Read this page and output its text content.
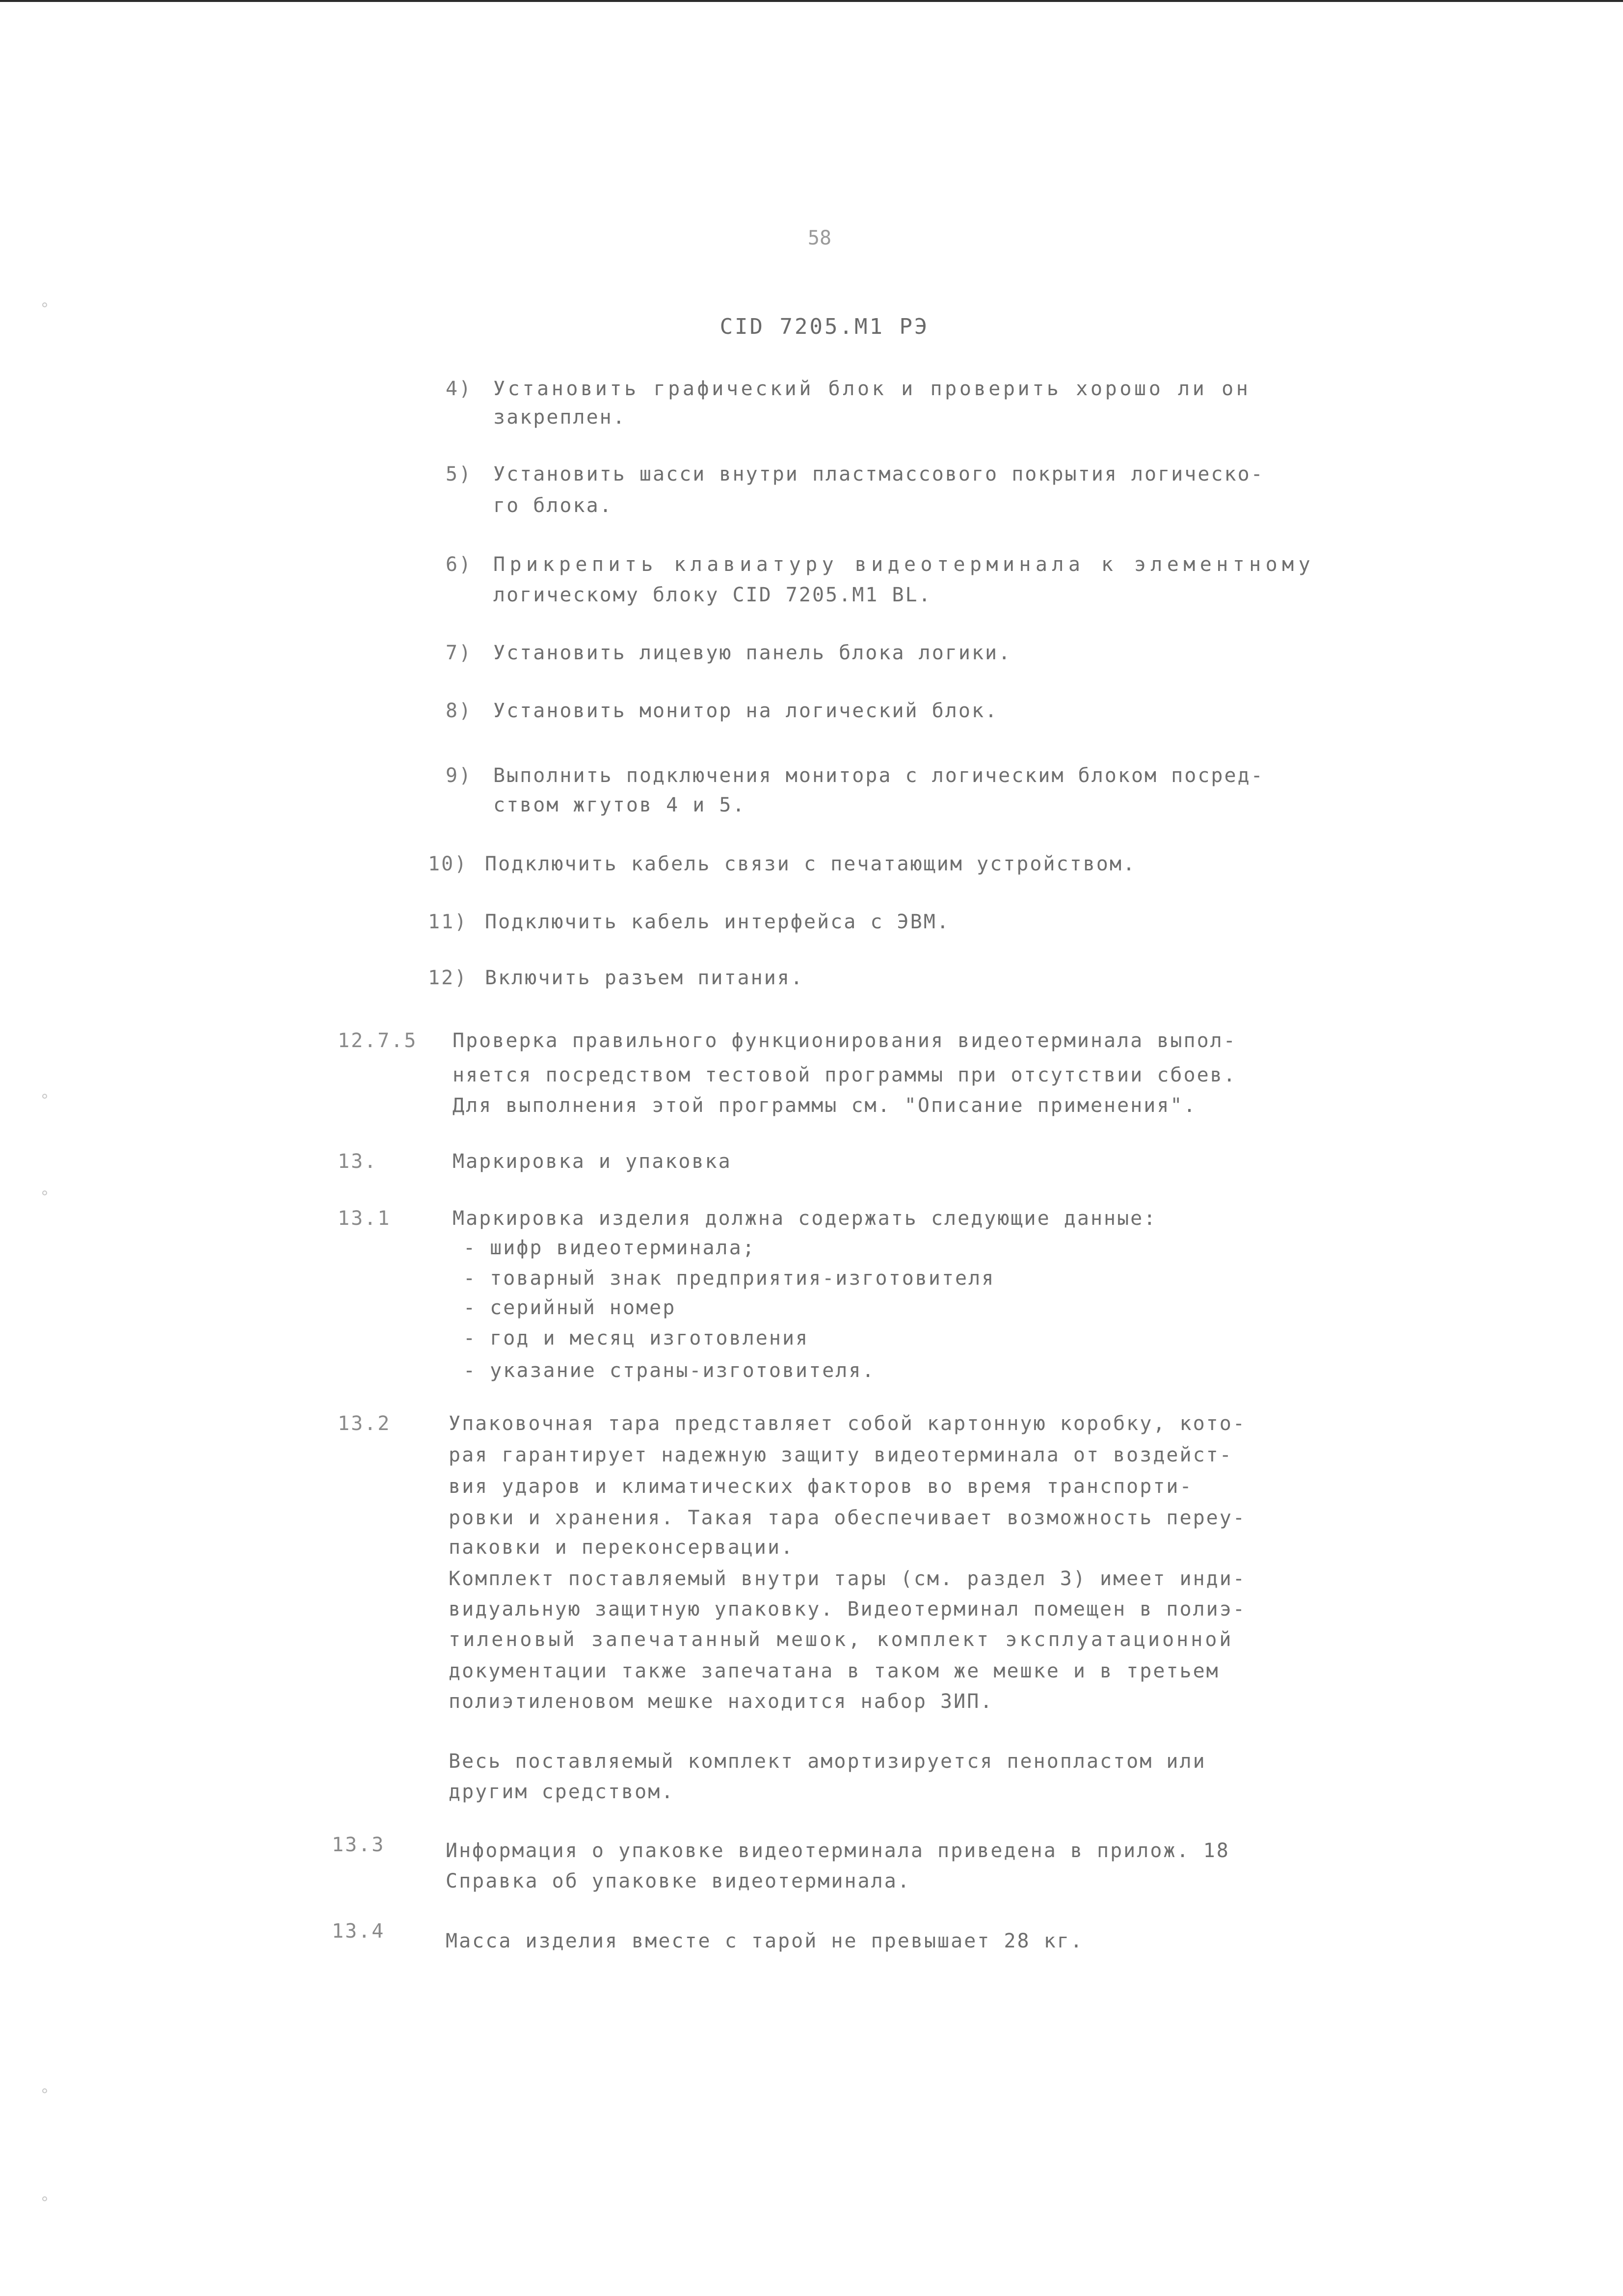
58
CID 7205.M1 РЭ
4) Установить графический блок и проверить хорошо ли он
закреплен.
5) Установить шасси внутри пластмассового покрытия логическо-
го блока.
6) Прикрепить клавиатуру видеотерминала к элементному
логическому блоку CID 7205.M1 BL.
7) Установить лицевую панель блока логики.
8) Установить монитор на логический блок.
9) Выполнить подключения монитора с логическим блоком посред-
ством жгутов 4 и 5.
10) Подключить кабель связи с печатающим устройством.
11) Подключить кабель интерфейса с ЭВМ.
12) Включить разъем питания.
12.7.5 Проверка правильного функционирования видеотерминала выпол-
няется посредством тестовой программы при отсутствии сбоев.
Для выполнения этой программы см. "Описание применения".
13.	Маркировка и упаковка
13.1	Маркировка изделия должна содержать следующие данные:
- шифр видеотерминала;
- товарный знак предприятия-изготовителя
- серийный номер
- год и месяц изготовления
- указание страны-изготовителя.
13.2	Упаковочная тара представляет собой картонную коробку, кото-
рая гарантирует надежную защиту видеотерминала от воздейст-
вия ударов и климатических факторов во время транспорти-
ровки и хранения. Такая тара обеспечивает возможность переу-
паковки и переконсервации.
Комплект поставляемый внутри тары (см. раздел 3) имеет инди-
видуальную защитную упаковку. Видеотерминал помещен в полиэ-
тиленовый запечатанный мешок, комплект эксплуатационной
документации также запечатана в таком же мешке и в третьем
полиэтиленовом мешке находится набор ЗИП.
Весь поставляемый комплект амортизируется пенопластом или
другим средством.
13.3	Информация о упаковке видеотерминала приведена в прилож. 18
Справка об упаковке видеотерминала.
13.4	Масса изделия вместе с тарой не превышает 28 кг.
